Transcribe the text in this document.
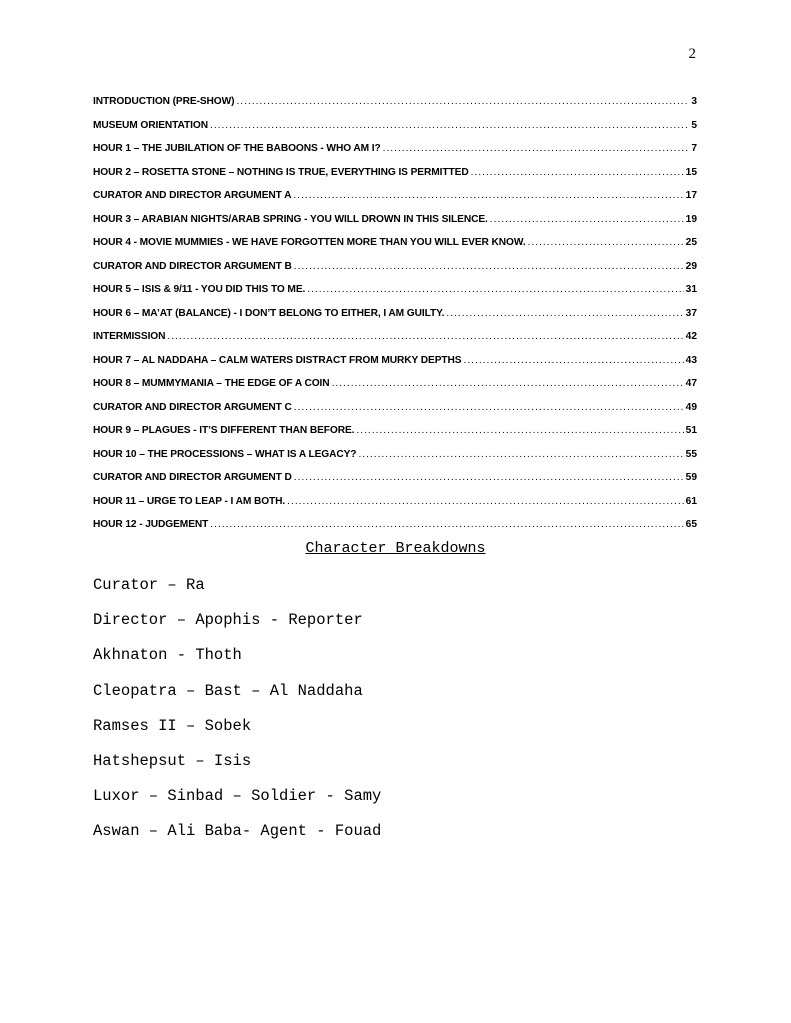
2
INTRODUCTION (PRE-SHOW) .....	3
MUSEUM ORIENTATION .....	5
HOUR 1 – THE JUBILATION OF THE BABOONS - WHO AM I? .....	7
HOUR 2 – ROSETTA STONE – NOTHING IS TRUE, EVERYTHING IS PERMITTED .....	15
CURATOR AND DIRECTOR ARGUMENT A .....	17
HOUR 3 – ARABIAN NIGHTS/ARAB SPRING - YOU WILL DROWN IN THIS SILENCE. .....	19
HOUR 4 - MOVIE MUMMIES - WE HAVE FORGOTTEN MORE THAN YOU WILL EVER KNOW. .....	25
CURATOR AND DIRECTOR ARGUMENT B .....	29
HOUR 5 – ISIS & 9/11 - YOU DID THIS TO ME. .....	31
HOUR 6 – MA’AT (BALANCE) - I DON’T BELONG TO EITHER, I AM GUILTY. .....	37
INTERMISSION .....	42
HOUR 7 – AL NADDAHA – CALM WATERS DISTRACT FROM MURKY DEPTHS .....	43
HOUR 8 – MUMMYMANIA – THE EDGE OF A COIN .....	47
CURATOR AND DIRECTOR ARGUMENT C .....	49
HOUR 9 – PLAGUES - IT’S DIFFERENT THAN BEFORE. .....	51
HOUR 10 – THE PROCESSIONS – WHAT IS A LEGACY? .....	55
CURATOR AND DIRECTOR ARGUMENT D .....	59
HOUR 11 – URGE TO LEAP - I AM BOTH. .....	61
HOUR 12 - JUDGEMENT .....	65
Character Breakdowns
Curator – Ra
Director – Apophis - Reporter
Akhnaton - Thoth
Cleopatra – Bast – Al Naddaha
Ramses II – Sobek
Hatshepsut – Isis
Luxor – Sinbad – Soldier - Samy
Aswan – Ali Baba- Agent - Fouad
